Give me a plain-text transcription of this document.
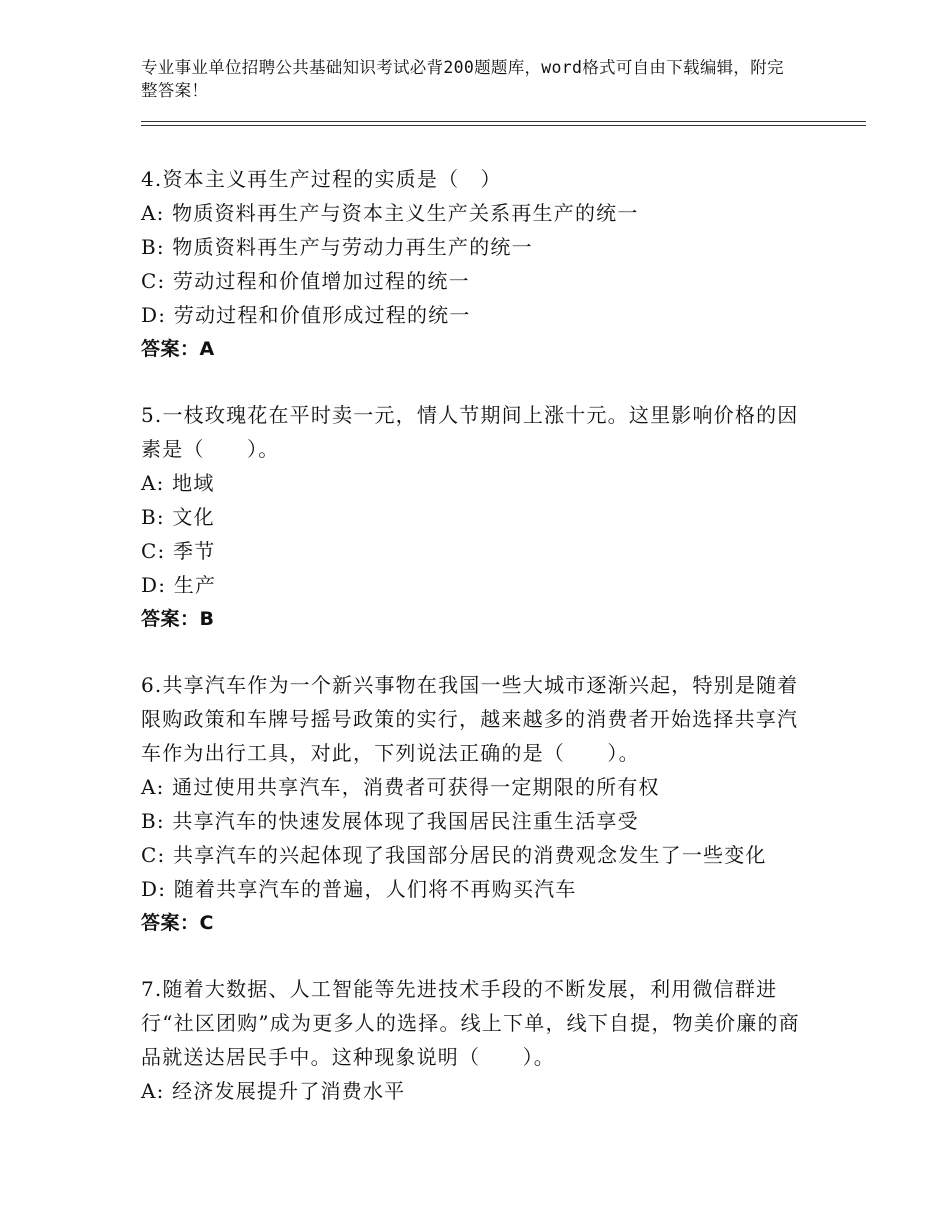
专业事业单位招聘公共基础知识考试必背200题题库，word格式可自由下载编辑，附完整答案！

4.资本主义再生产过程的实质是（　）

A: 物质资料再生产与资本主义生产关系再生产的统一

B: 物质资料再生产与劳动力再生产的统一

C: 劳动过程和价值增加过程的统一

D: 劳动过程和价值形成过程的统一

答案：A

5.一枝玫瑰花在平时卖一元，情人节期间上涨十元。这里影响价格的因素是（　　）。

A: 地域

B: 文化

C: 季节

D: 生产

答案：B

6.共享汽车作为一个新兴事物在我国一些大城市逐渐兴起，特别是随着限购政策和车牌号摇号政策的实行，越来越多的消费者开始选择共享汽车作为出行工具，对此，下列说法正确的是（　　）。

A: 通过使用共享汽车，消费者可获得一定期限的所有权

B: 共享汽车的快速发展体现了我国居民注重生活享受

C: 共享汽车的兴起体现了我国部分居民的消费观念发生了一些变化

D: 随着共享汽车的普遍，人们将不再购买汽车

答案：C

7.随着大数据、人工智能等先进技术手段的不断发展，利用微信群进行“社区团购”成为更多人的选择。线上下单，线下自提，物美价廉的商品就送达居民手中。这种现象说明（　　）。

A: 经济发展提升了消费水平
